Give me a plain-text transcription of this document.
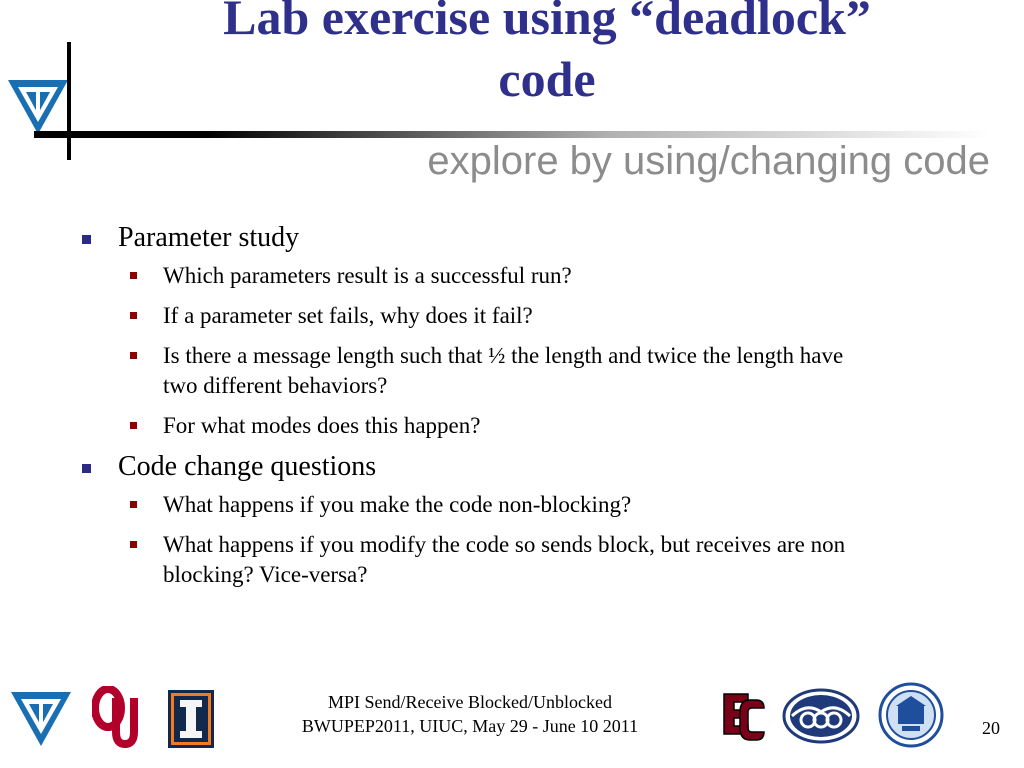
Lab exercise using “deadlock”
code
explore by using/changing code
Parameter study
Which parameters result is a successful run?
If a parameter set fails, why does it fail?
Is there a message length such that ½ the length and twice the length have two different behaviors?
For what modes does this happen?
Code change questions
What happens if you make the code non-blocking?
What happens if you modify the code so sends block, but receives are non blocking? Vice-versa?
MPI Send/Receive Blocked/Unblocked
BWUPEP2011, UIUC, May 29 - June 10 2011	20
